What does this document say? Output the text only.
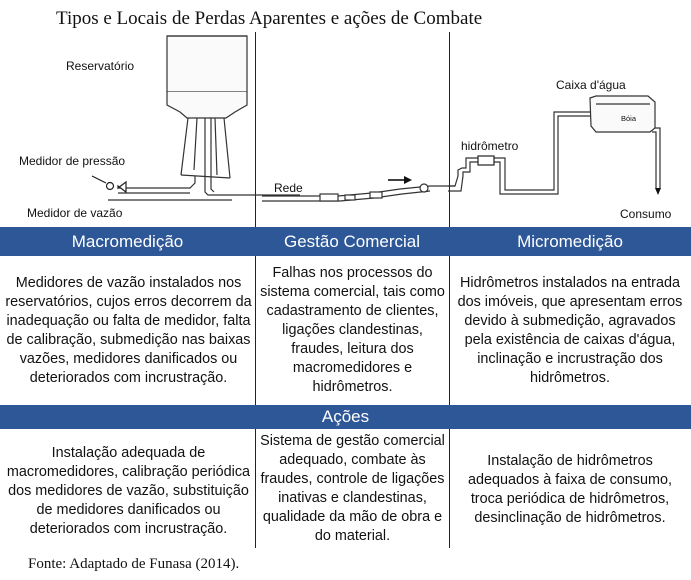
Tipos e Locais de Perdas Aparentes e ações de Combate
Reservatório
Medidor de pressão
Medidor de vazão
Rede
hidrômetro
Caixa d'água
Bóia
Consumo
Macromedição	Gestão Comercial	Micromedição
Medidores de vazão instalados nos reservatórios, cujos erros decorrem da inadequação ou falta de medidor, falta de calibração, submedição nas baixas vazões, medidores danificados ou deteriorados com incrustração.
Falhas nos processos do sistema comercial, tais como cadastramento de clientes, ligações clandestinas, fraudes, leitura dos macromedidores e hidrômetros.
Hidrômetros instalados na entrada dos imóveis, que apresentam erros devido à submedição, agravados pela existência de caixas d'água, inclinação e incrustração dos hidrômetros.
Ações
Instalação adequada de macromedidores, calibração periódica dos medidores de vazão, substituição de medidores danificados ou deteriorados com incrustração.
Sistema de gestão comercial adequado, combate às fraudes, controle de ligações inativas e clandestinas, qualidade da mão de obra e do material.
Instalação de hidrômetros adequados à faixa de consumo, troca periódica de hidrômetros, desinclinação de hidrômetros.
Fonte: Adaptado de Funasa (2014).
